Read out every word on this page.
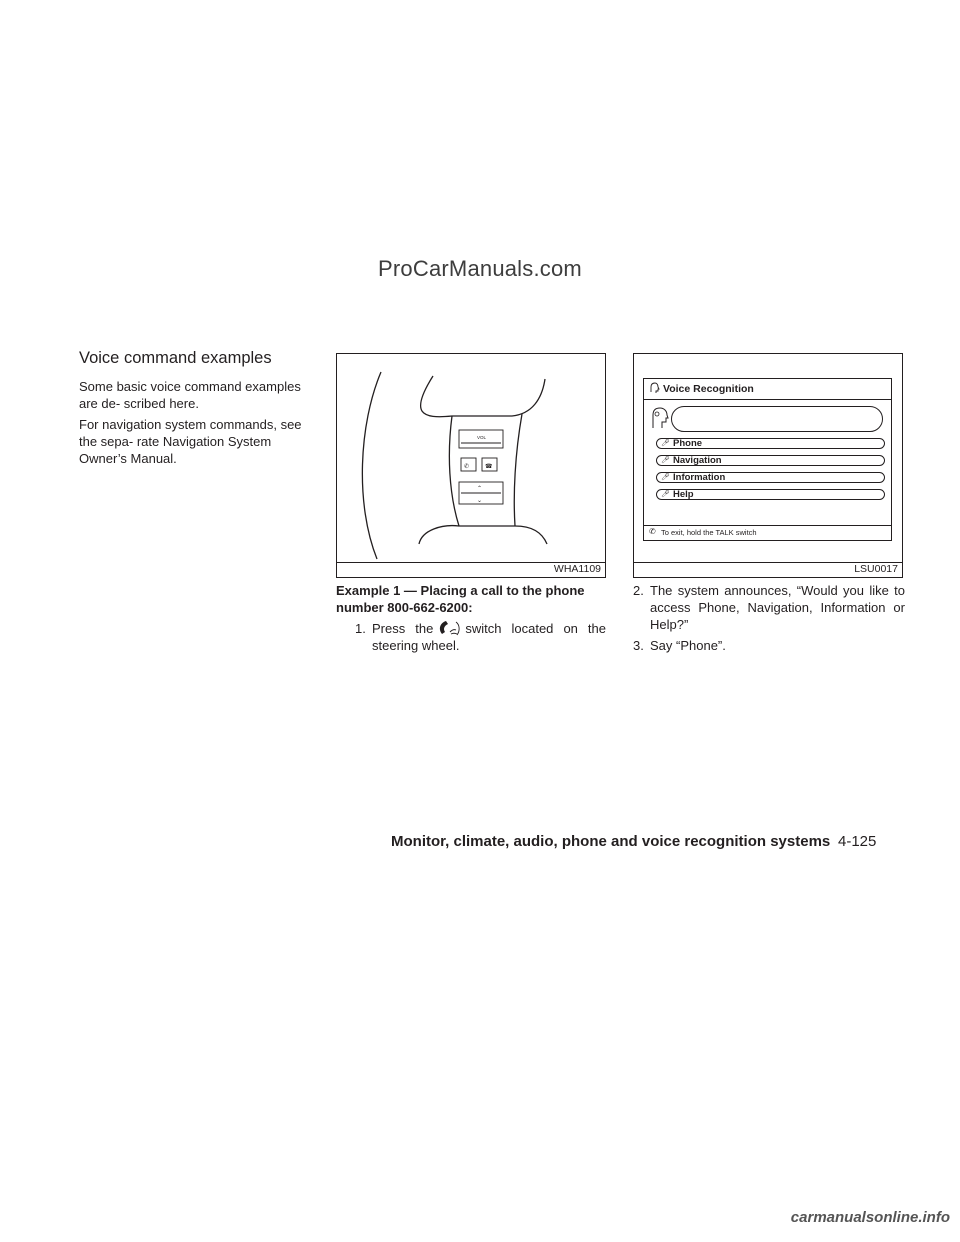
ProCarManuals.com
Voice command examples

Some basic voice command examples are de- scribed here.

For navigation system commands, see the sepa- rate Navigation System Owner’s Manual.

VOL
✆	☎
⌃
⌄
WHA1109
Voice Recognition
🎤︎ Phone
🎤︎ Navigation
🎤︎ Information
🎤︎ Help
✆ To exit, hold the TALK switch
LSU0017
Example 1 — Placing a call to the phone number 800-662-6200:
1. Press the switch located on the steering wheel.
2. The system announces, “Would you like to access Phone, Navigation, Information or Help?”
3. Say “Phone”.
Monitor, climate, audio, phone and voice recognition systems 4-125
carmanualsonline.info
